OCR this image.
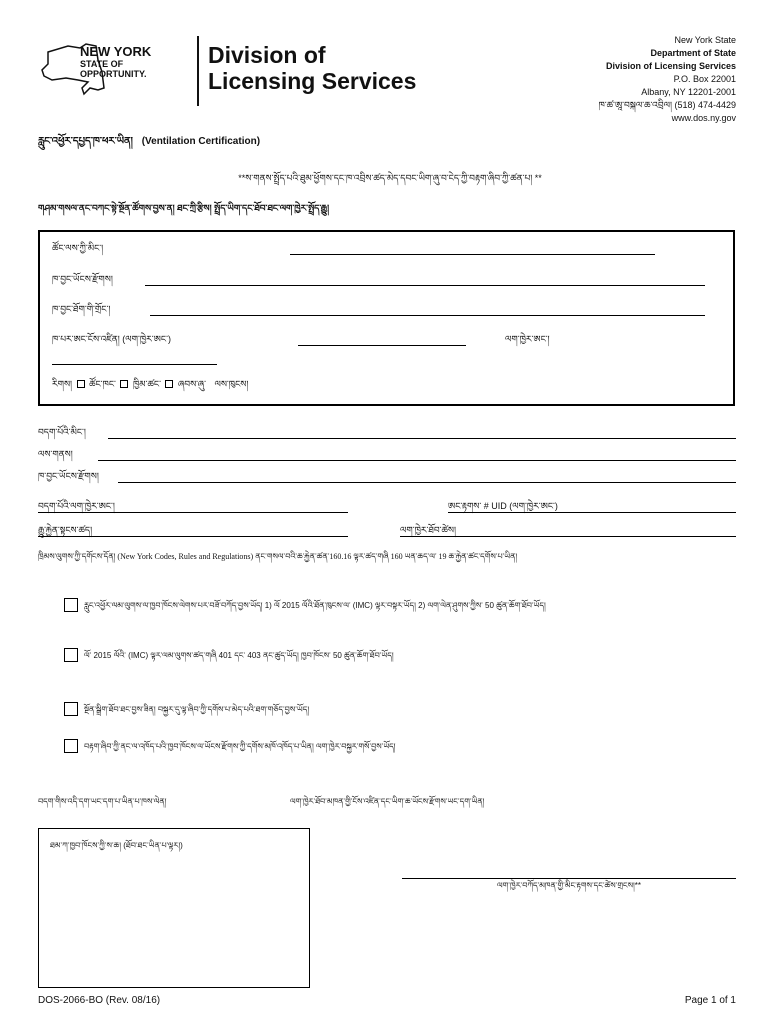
NEW YORK
STATE OF
OPPORTUNITY.
Division of
Licensing Services
New York State
Department of State
Division of Licensing Services
P.O. Box 22001
Albany, NY 12201-2001
ཁ་ཚ་ཨཱ་བསྐལ་ཆ་འབྲིལ། (518) 474-4429
www.dos.ny.gov
རླུང་འཕྱོར་དཔྱད་ཁ་ཕར་ཡིན། (Ventilation Certification)
**ས་གནས་སྤྲོད་པའི་ཐུམ་ཕྱོགས་དང་ཁ་འབྲིས་ཚད་མེད་དབང་ཡིག་ཞུ་བ་ངེད་ཀྱི་བརྟག་ཞིབ་ཀྱི་ཚན་པ། **
གཤམ་གསལ་ནང་བཀང་སྟེ་སྔོན་ཚོགས་བྱས་ན། ཐང་ཀྲི་རྩིས། སྤྲོད་ཡིག་དང་ཐོབ་ཐང་ལག་ཁྱེར་སྤྲོད་རྒྱུ།
ཚོང་ལས་ཀྱི་མིང་།
ཁ་བྱང་ཡོངས་རྫོགས།
ཁ་བྱང་ཐོག་གི་གྲོང་།
ཁ་པར་ཨང་ངོས་འཛིན། (ལག་ཁྱེར་ཨང་)	ལག་ཁྱེར་ཨང་།
རིགས། ཚོང་ཁང་ ཁྱིམ་ཚང་ ཞབས་ཞུ་ ལས་ཁུངས།
བདག་པོའི་མིང་།
ལས་གནས།
ཁ་བྱང་ཡོངས་རྫོགས།
བདག་པོའི་ལག་ཁྱེར་ཨང་།	ཨང་རྟགས་ # UID (ལག་ཁྱེར་ཨང་)
རྒྱུ་རྐྱེན་སྟངས་ཚད།	ལག་ཁྱེར་ཐོབ་ཚེས།
ཁྲིམས་ལུགས་ཀྱི་དགོངས་དོན། (New York Codes, Rules and Regulations) ནང་གསལ་བའི་ཆ་རྐྱེན་ཚན་160.16 ལྟར་ཚད་གཞི 160 ཡན་ཆད་ལ་ 19 ཆ་རྐྱེན་ཚང་དགོས་པ་ཡིན།
རླུང་འཕྱོར་ལམ་ལུགས་ལ་ཁྱབ་ཁོངས་ལེགས་པར་བཟོ་བཀོད་བྱས་ཡོད། 1) ལོ 2015 ལོའི་ཐོན་ཁུངས་ལ་ (IMC) ལྟར་བསྟར་ཡོད། 2) ལག་ལེན་ཤུགས་ཀྱིས་ 50 ཚུན་ཆོག་ཐོབ་ཡོད།
ལོ་ 2015 ལོའི་ (IMC) ལྟར་ལམ་ལུགས་ཚད་གཞི 401 དང་ 403 ནང་ཚུད་ཡོད། ཁྱབ་ཁོངས་ 50 ཚུན་ཆོག་ཐོབ་ཡོད།
སྔོན་སྒྲིག་ཐོབ་ཐང་བྱས་ཟིན། བསྐྱར་དུ་ལྟ་ཞིབ་ཀྱི་དགོས་པ་མེད་པའི་ཐག་གཅོད་བྱས་ཡོད།
བརྟག་ཞིབ་ཀྱི་ནང་ལ་འཁོད་པའི་ཁྱབ་ཁོངས་ལ་ཡོངས་རྫོགས་ཀྱི་དགོས་མཁོ་འཁོད་པ་ཡིན། ལག་ཁྱེར་བསྐྱར་གསོ་བྱས་ཡོད།
བདག་གིས་འདི་དག་ཡང་དག་པ་ཡིན་པ་ཁས་ལེན།	ལག་ཁྱེར་ཐོབ་མཁན་གྱི་ངོས་འཛིན་དང་ཡིག་ཆ་ཡོངས་རྫོགས་ཡང་དག་ཡིན།
ཐམ་ཀ་ཁྱབ་ཁོངས་ཀྱི་ས་ཆ། (ཐོབ་ཐང་ཡིན་པ་ལྟར།)
ལག་ཁྱེར་བཀོད་མཁན་གྱི་མིང་རྟགས་དང་ཚེས་གྲངས།**
DOS-2066-BO (Rev. 08/16)	Page 1 of 1
